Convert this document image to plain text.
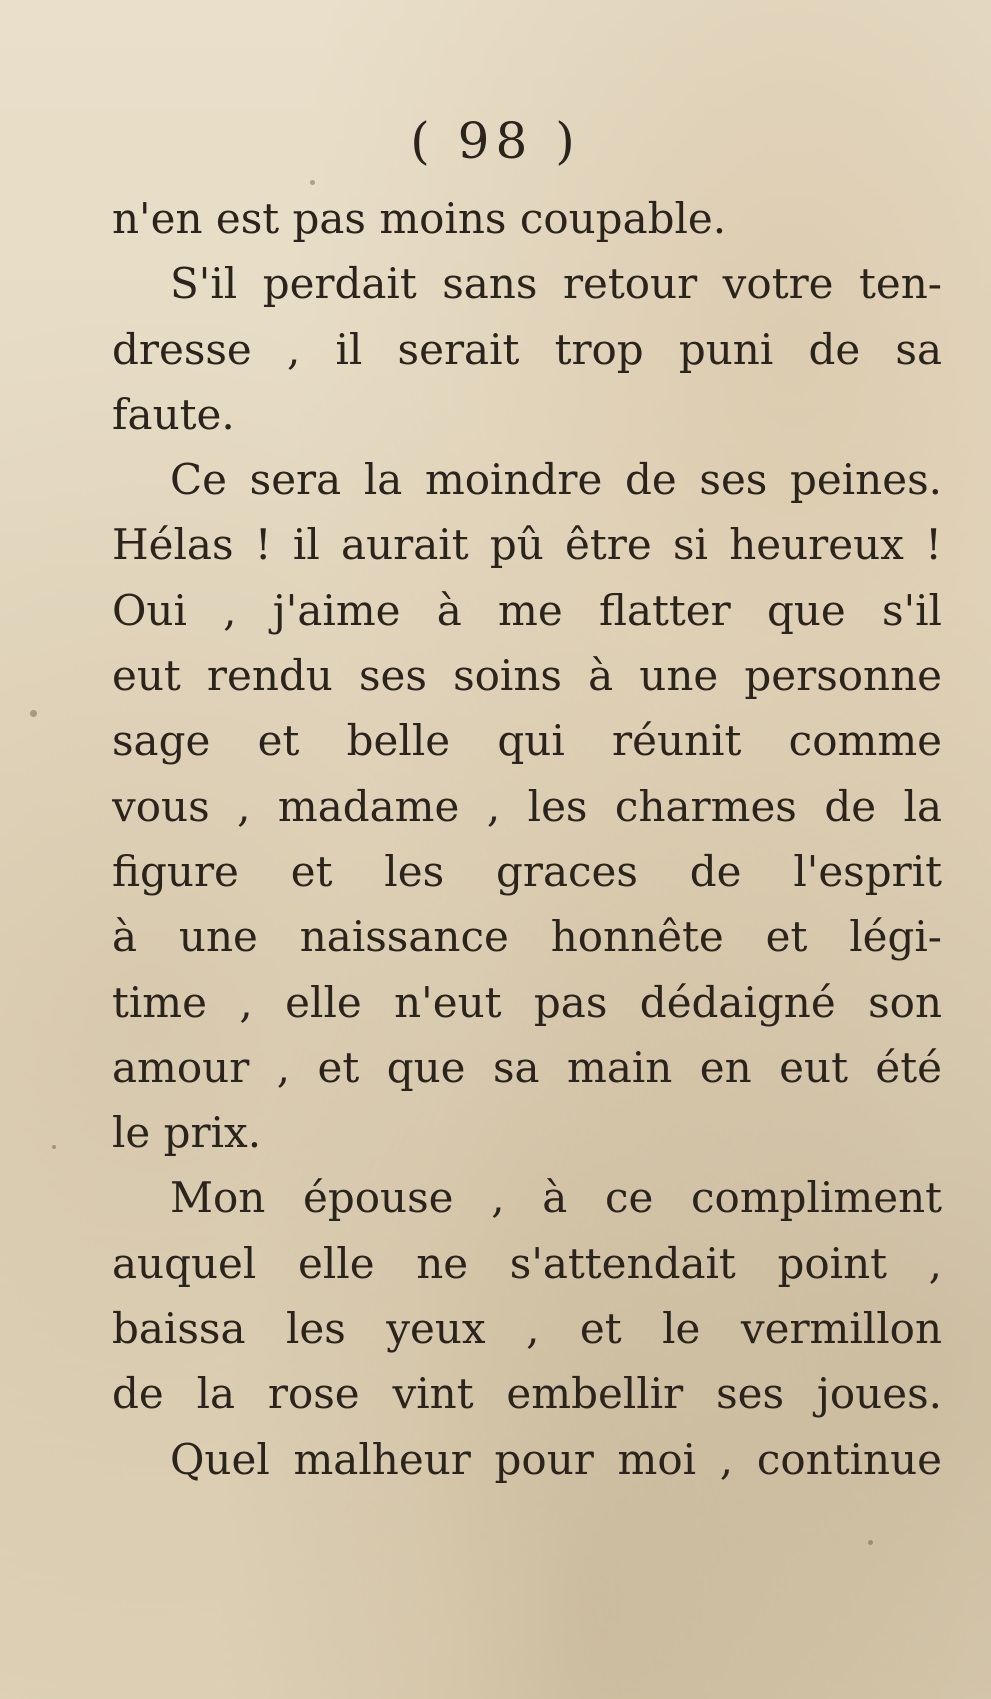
( 98 )
n'en est pas moins coupable.
S'il perdait sans retour votre ten-
dresse , il serait trop puni de sa
faute.
Ce sera la moindre de ses peines.
Hélas ! il aurait pû être si heureux !
Oui , j'aime à me flatter que s'il
eut rendu ses soins à une personne
sage et belle qui réunit comme
vous , madame , les charmes de la
figure et les graces de l'esprit
à une naissance honnête et légi-
time , elle n'eut pas dédaigné son
amour , et que sa main en eut été
le prix.
Mon épouse , à ce compliment
auquel elle ne s'attendait point ,
baissa les yeux , et le vermillon
de la rose vint embellir ses joues.
Quel malheur pour moi , continue
